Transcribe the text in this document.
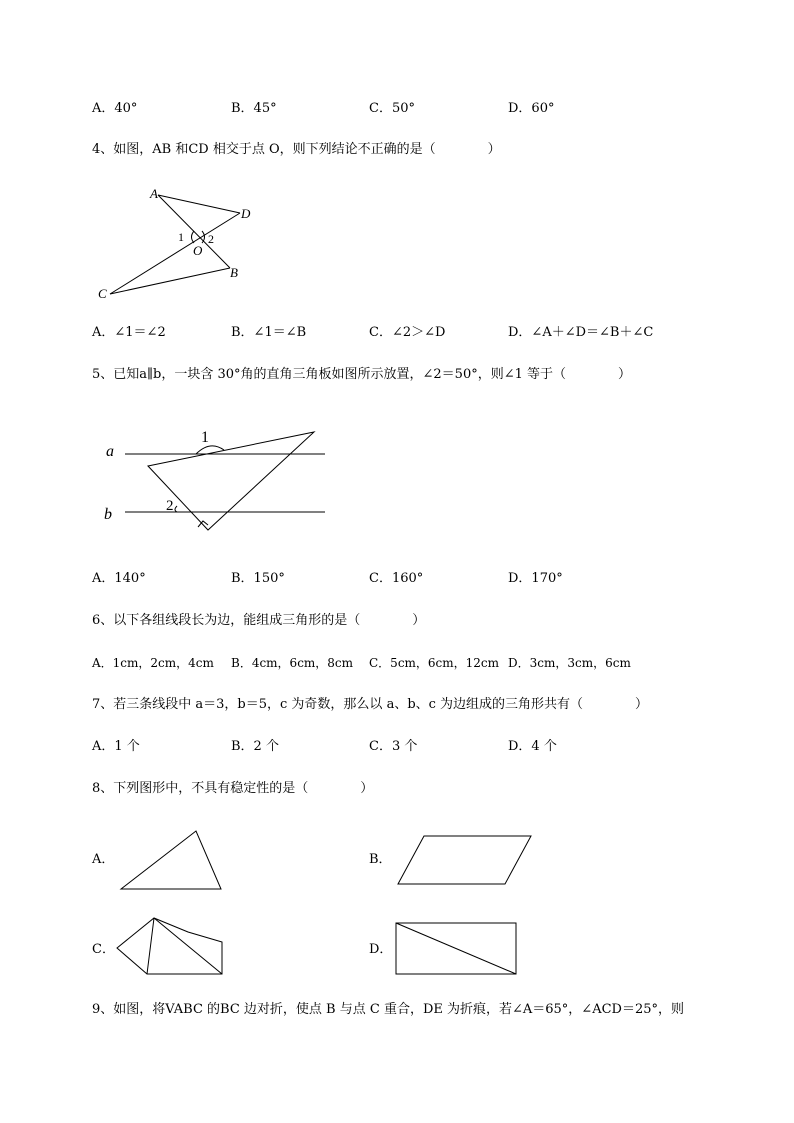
A．40°	B．45°	C．50°	D．60°
4、如图，AB 和CD 相交于点 O，则下列结论不正确的是（　　　　）
A
D
O
B
C
1 2
A．∠1＝∠2	B．∠1＝∠B	C．∠2＞∠D	D．∠A＋∠D＝∠B＋∠C
5、已知a∥b，一块含 30°角的直角三角板如图所示放置，∠2＝50°，则∠1 等于（　　　　）
a
b
1
2
A．140°	B．150°	C．160°	D．170°
6、以下各组线段长为边，能组成三角形的是（　　　　）
A．1cm，2cm，4cm B．4cm，6cm，8cm C．5cm，6cm，12cm D．3cm，3cm，6cm
7、若三条线段中 a＝3，b＝5，c 为奇数，那么以 a、b、c 为边组成的三角形共有（　　　　）
A．1 个	B．2 个	C．3 个	D．4 个
8、下列图形中，不具有稳定性的是（　　　　）
A．	B．
C．	D．
9、如图，将VABC 的BC 边对折，使点 B 与点 C 重合，DE 为折痕，若∠A＝65°，∠ACD＝25°，则
